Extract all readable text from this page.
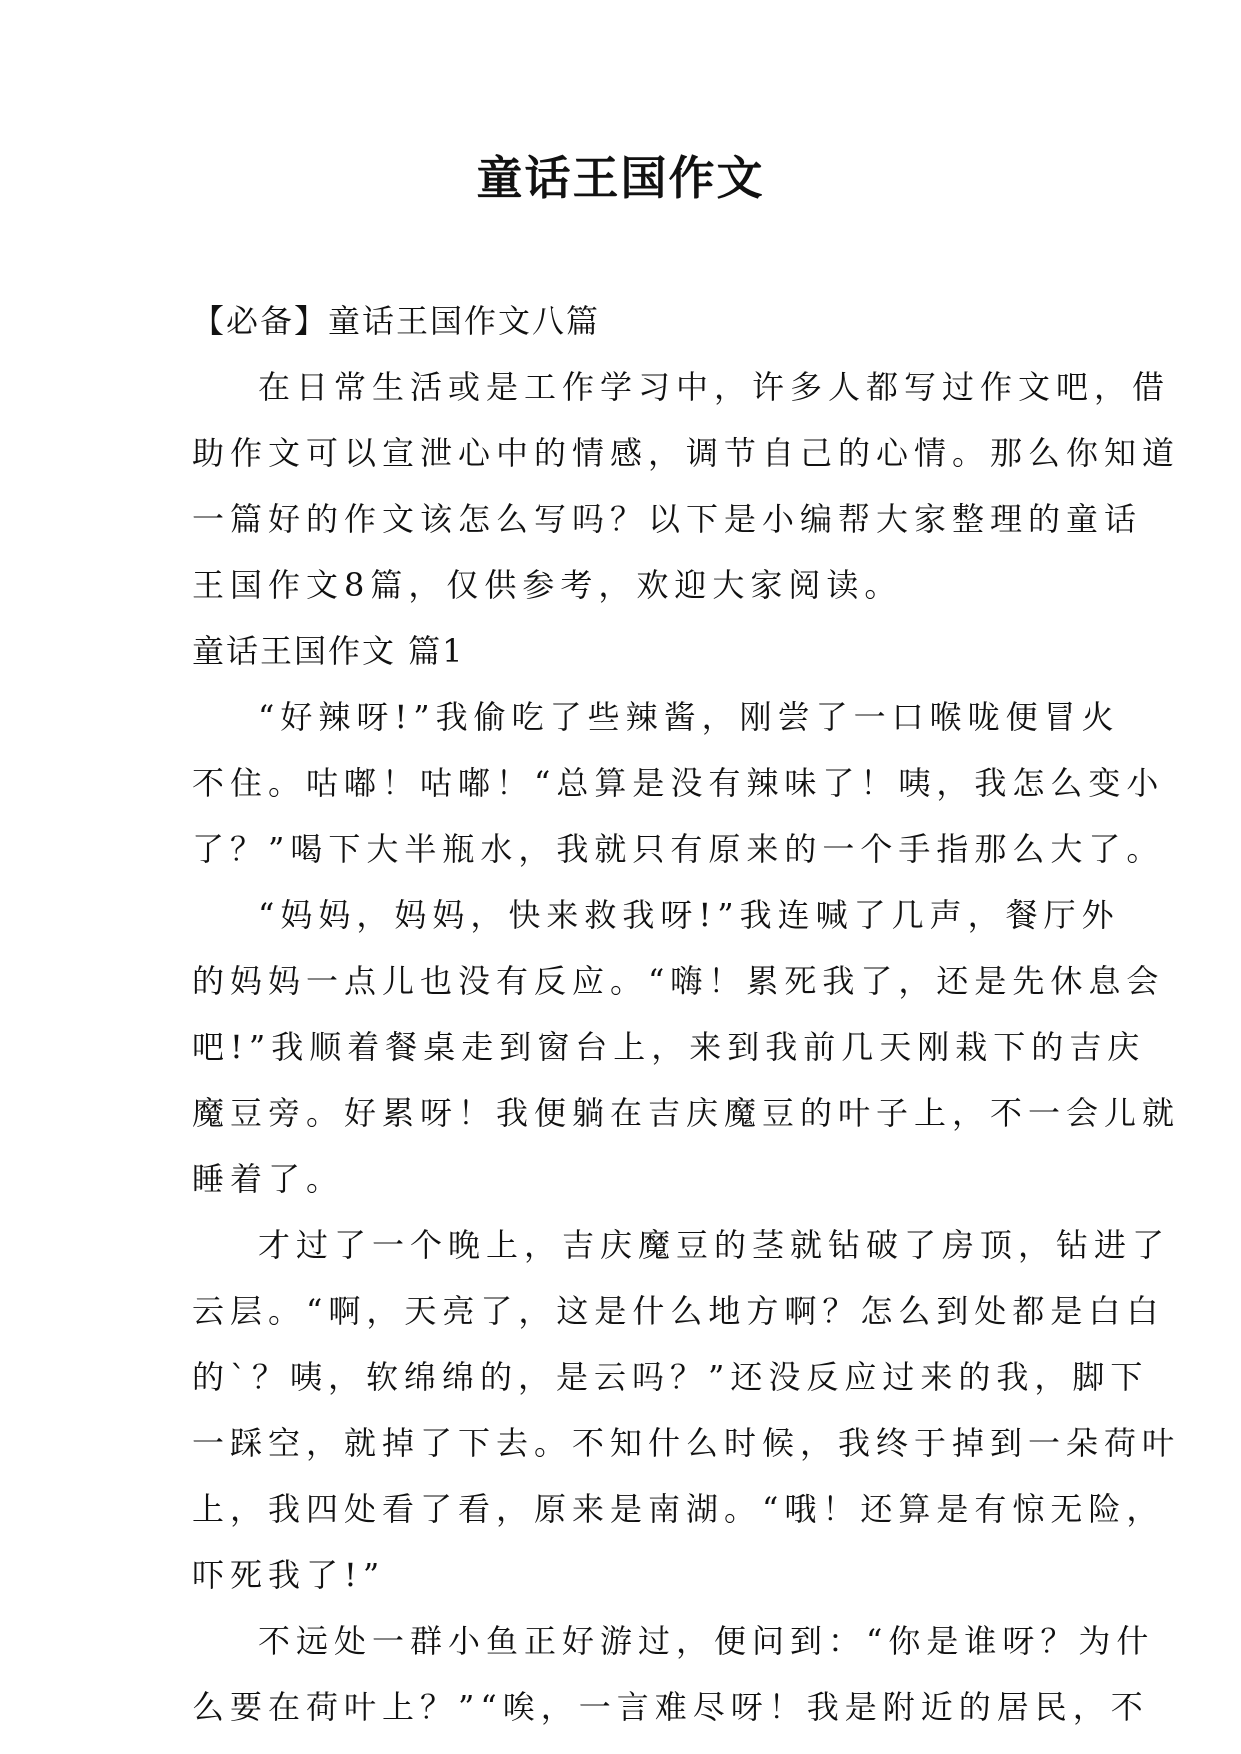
童话王国作文
【必备】童话王国作文八篇
在日常生活或是工作学习中，许多人都写过作文吧，借
助作文可以宣泄心中的情感，调节自己的心情。那么你知道
一篇好的作文该怎么写吗？以下是小编帮大家整理的童话
王国作文8篇，仅供参考，欢迎大家阅读。
童话王国作文 篇1
“好辣呀!”我偷吃了些辣酱，刚尝了一口喉咙便冒火
不住。咕嘟！咕嘟！“总算是没有辣味了！咦，我怎么变小
了？”喝下大半瓶水，我就只有原来的一个手指那么大了。
“妈妈，妈妈，快来救我呀!”我连喊了几声，餐厅外
的妈妈一点儿也没有反应。“嗨！累死我了，还是先休息会
吧!”我顺着餐桌走到窗台上，来到我前几天刚栽下的吉庆
魔豆旁。好累呀！我便躺在吉庆魔豆的叶子上，不一会儿就
睡着了。
才过了一个晚上，吉庆魔豆的茎就钻破了房顶，钻进了
云层。“啊，天亮了，这是什么地方啊？怎么到处都是白白
的`？咦，软绵绵的，是云吗？”还没反应过来的我，脚下
一踩空，就掉了下去。不知什么时候，我终于掉到一朵荷叶
上，我四处看了看，原来是南湖。“哦！还算是有惊无险，
吓死我了!”
不远处一群小鱼正好游过，便问到：“你是谁呀？为什
么要在荷叶上？”“唉，一言难尽呀！我是附近的居民，不
